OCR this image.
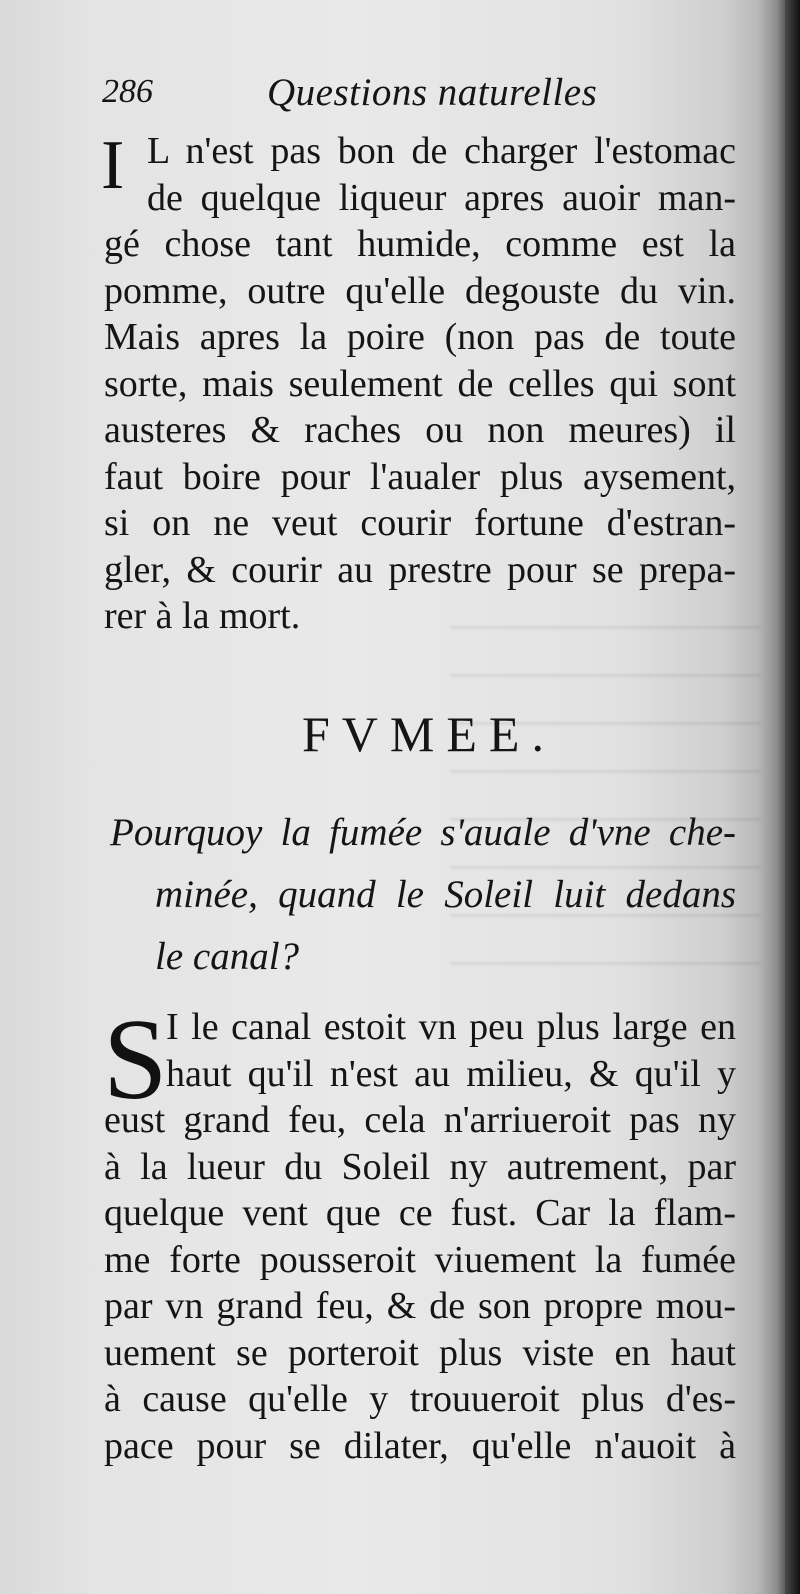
286	Questions naturelles
I L n'est pas bon de charger l'estomac
de quelque liqueur apres auoir man-
gé chose tant humide, comme est la
pomme, outre qu'elle degouste du vin.
Mais apres la poire (non pas de toute
sorte, mais seulement de celles qui sont
austeres & raches ou non meures) il
faut boire pour l'aualer plus aysement,
si on ne veut courir fortune d'estran-
gler, & courir au prestre pour se prepa-
rer à la mort.
FVMEE.
Pourquoy la fumée s'auale d'vne che-
minée, quand le Soleil luit dedans
le canal?
S
I le canal estoit vn peu plus large en
haut qu'il n'est au milieu, & qu'il y
eust grand feu, cela n'arriueroit pas ny
à la lueur du Soleil ny autrement, par
quelque vent que ce fust. Car la flam-
me forte pousseroit viuement la fumée
par vn grand feu, & de son propre mou-
uement se porteroit plus viste en haut
à cause qu'elle y trouueroit plus d'es-
pace pour se dilater, qu'elle n'auoit à
